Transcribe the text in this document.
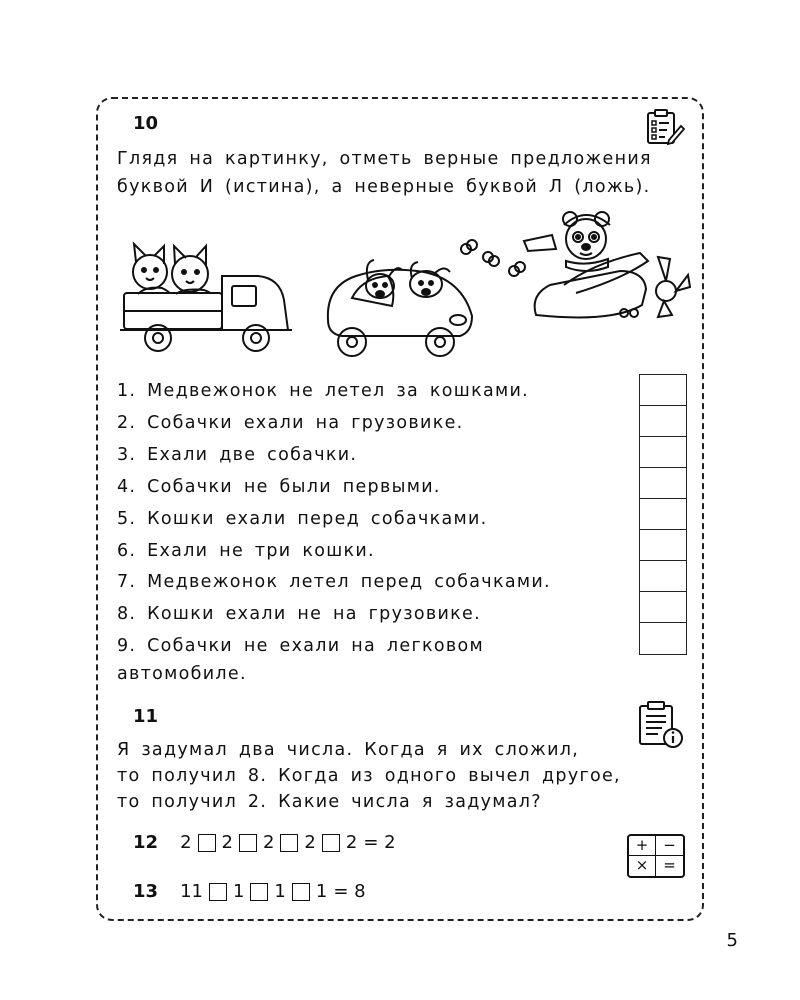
10
Глядя на картинку, отметь верные предложения
буквой И (истина), а неверные буквой Л (ложь).
1. Медвежонок не летел за кошками.
2. Собачки ехали на грузовике.
3. Ехали две собачки.
4. Собачки не были первыми.
5. Кошки ехали перед собачками.
6. Ехали не три кошки.
7. Медвежонок летел перед собачками.
8. Кошки ехали не на грузовике.
9. Собачки не ехали на легковом
автомобиле.
11
Я задумал два числа. Когда я их сложил,
то получил 8. Когда из одного вычел другое,
то получил 2. Какие числа я задумал?
12 2 2 2 2 2 = 2	+ −
× =
13 11 1 1 1 = 8
5
